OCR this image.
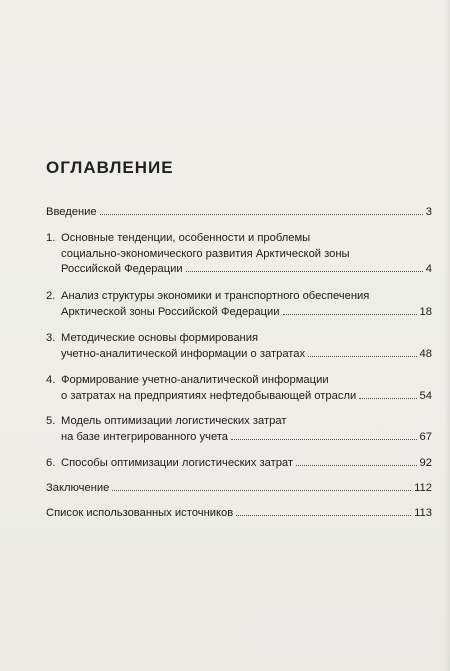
ОГЛАВЛЕНИЕ
Введение	3
1. Основные тенденции, особенности и проблемы
социально-экономического развития Арктической зоны
Российской Федерации	4
2. Анализ структуры экономики и транспортного обеспечения
Арктической зоны Российской Федерации	18
3. Методические основы формирования
учетно-аналитической информации о затратах	48
4. Формирование учетно-аналитической информации
о затратах на предприятиях нефтедобывающей отрасли	54
5. Модель оптимизации логистических затрат
на базе интегрированного учета	67
6. Способы оптимизации логистических затрат	92
Заключение	112
Список использованных источников	113
